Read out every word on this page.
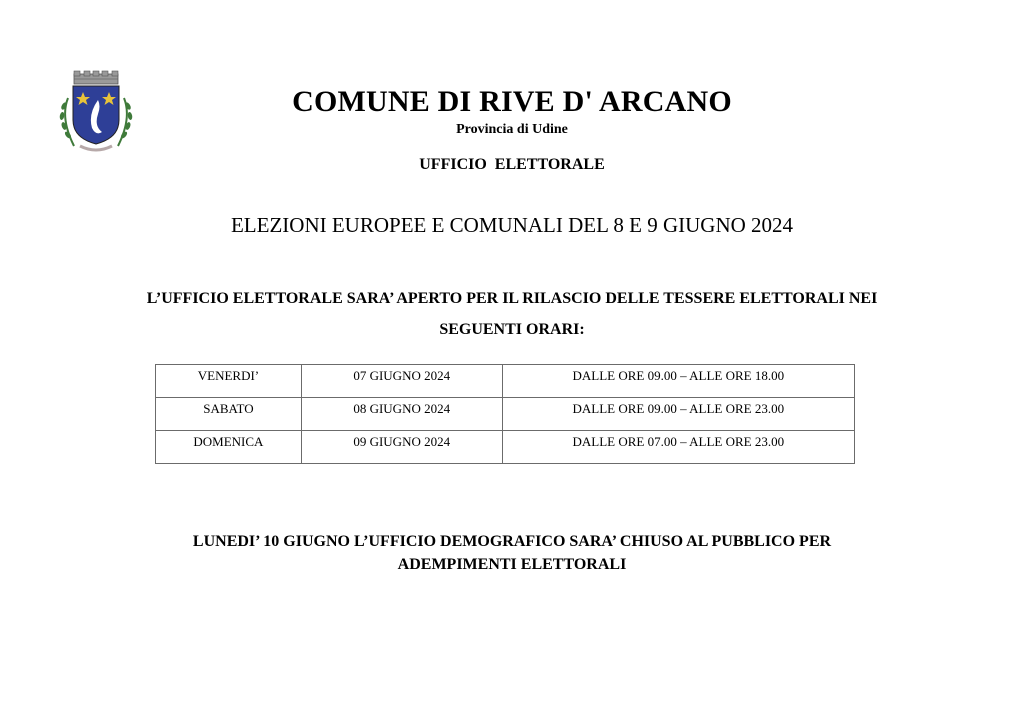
COMUNE DI RIVE D' ARCANO
Provincia di Udine
UFFICIO ELETTORALE
ELEZIONI EUROPEE E COMUNALI DEL 8 E 9 GIUGNO 2024
L’UFFICIO ELETTORALE SARA’ APERTO PER IL RILASCIO DELLE TESSERE ELETTORALI NEI
SEGUENTI ORARI:
VENERDI’	07 GIUGNO 2024	DALLE ORE 09.00 – ALLE ORE 18.00
SABATO	08 GIUGNO 2024	DALLE ORE 09.00 – ALLE ORE 23.00
DOMENICA	09 GIUGNO 2024	DALLE ORE 07.00 – ALLE ORE 23.00
LUNEDI’ 10 GIUGNO L’UFFICIO DEMOGRAFICO SARA’ CHIUSO AL PUBBLICO PER
ADEMPIMENTI ELETTORALI
